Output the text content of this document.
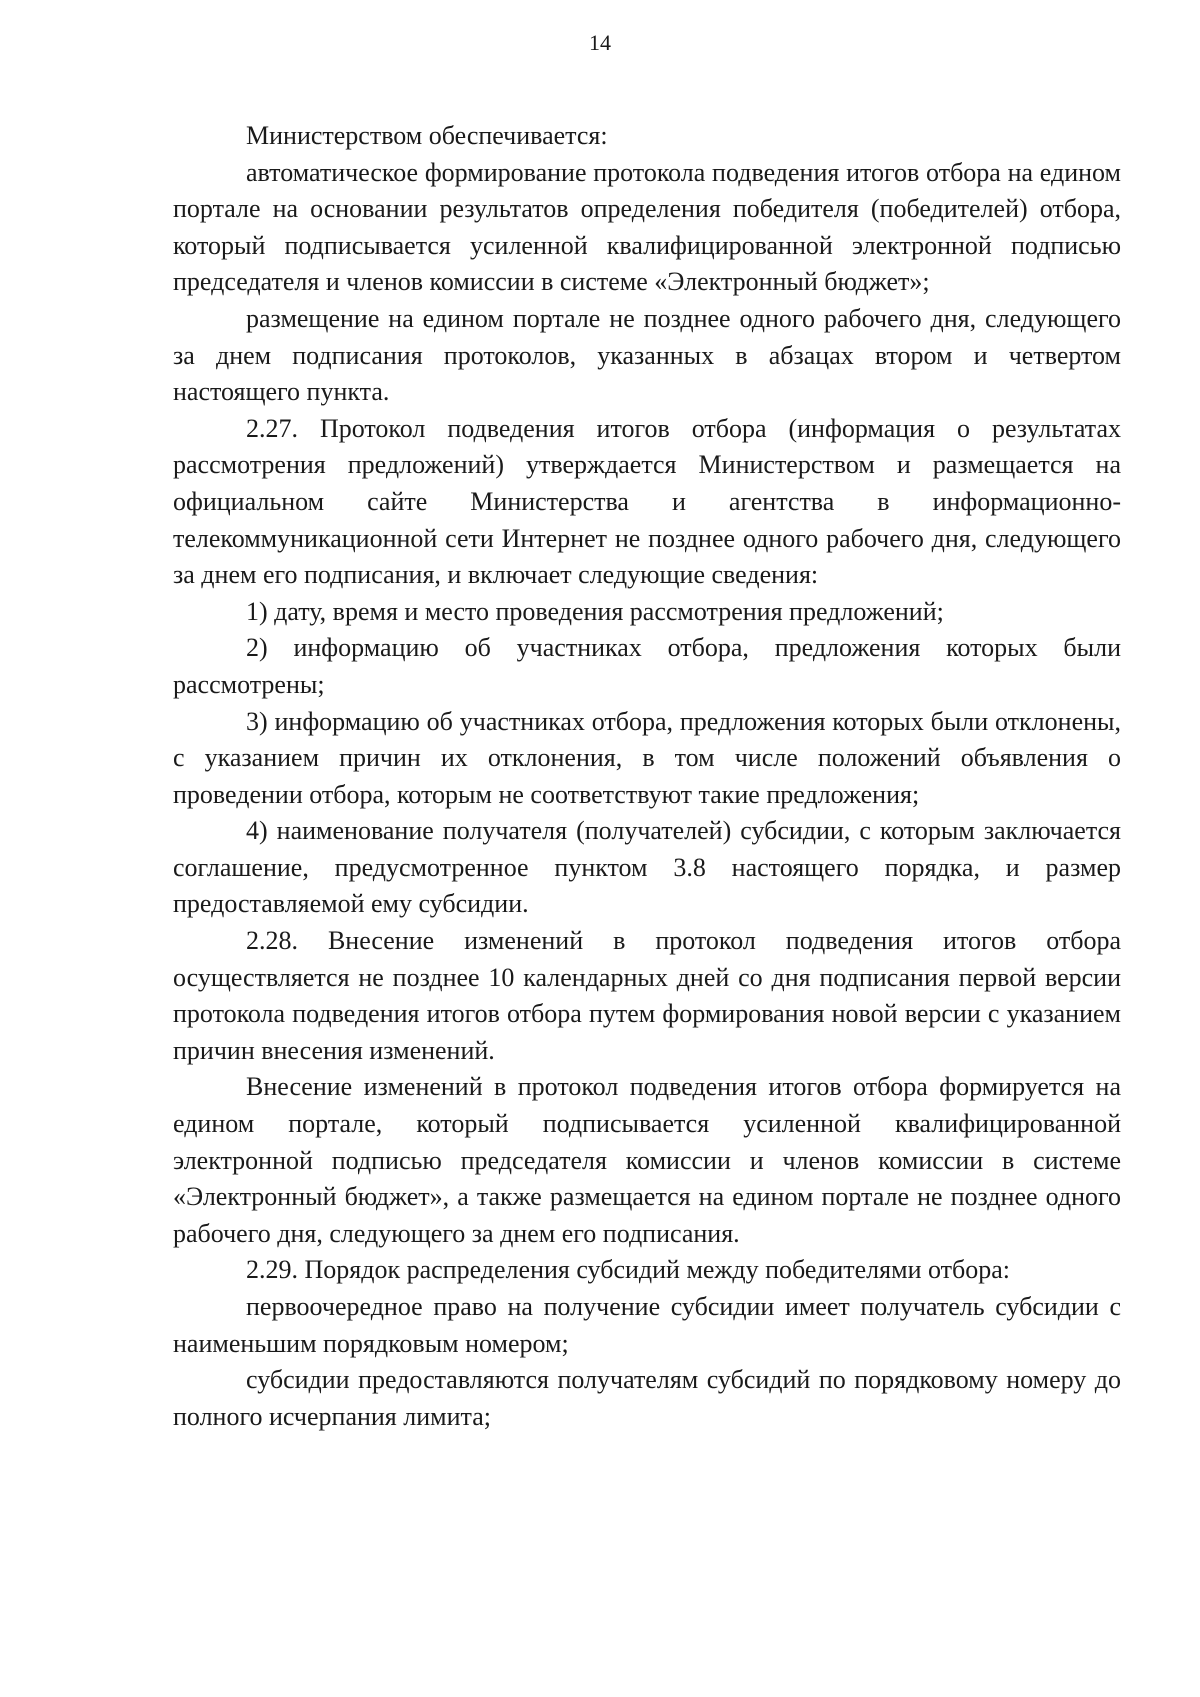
14

Министерством обеспечивается:

автоматическое формирование протокола подведения итогов отбора на едином портале на основании результатов определения победителя (победителей) отбора, который подписывается усиленной квалифицированной электронной подписью председателя и членов комиссии в системе «Электронный бюджет»;

размещение на едином портале не позднее одного рабочего дня, следующего за днем подписания протоколов, указанных в абзацах втором и четвертом настоящего пункта.

2.27. Протокол подведения итогов отбора (информация о результатах рассмотрения предложений) утверждается Министерством и размещается на официальном сайте Министерства и агентства в информационно-телекоммуникационной сети Интернет не позднее одного рабочего дня, следующего за днем его подписания, и включает следующие сведения:

1) дату, время и место проведения рассмотрения предложений;

2) информацию об участниках отбора, предложения которых были рассмотрены;

3) информацию об участниках отбора, предложения которых были отклонены, с указанием причин их отклонения, в том числе положений объявления о проведении отбора, которым не соответствуют такие предложения;

4) наименование получателя (получателей) субсидии, с которым заключается соглашение, предусмотренное пунктом 3.8 настоящего порядка, и размер предоставляемой ему субсидии.

2.28. Внесение изменений в протокол подведения итогов отбора осуществляется не позднее 10 календарных дней со дня подписания первой версии протокола подведения итогов отбора путем формирования новой версии с указанием причин внесения изменений.

Внесение изменений в протокол подведения итогов отбора формируется на едином портале, который подписывается усиленной квалифицированной электронной подписью председателя комиссии и членов комиссии в системе «Электронный бюджет», а также размещается на едином портале не позднее одного рабочего дня, следующего за днем его подписания.

2.29. Порядок распределения субсидий между победителями отбора:

первоочередное право на получение субсидии имеет получатель субсидии с наименьшим порядковым номером;

субсидии предоставляются получателям субсидий по порядковому номеру до полного исчерпания лимита;
